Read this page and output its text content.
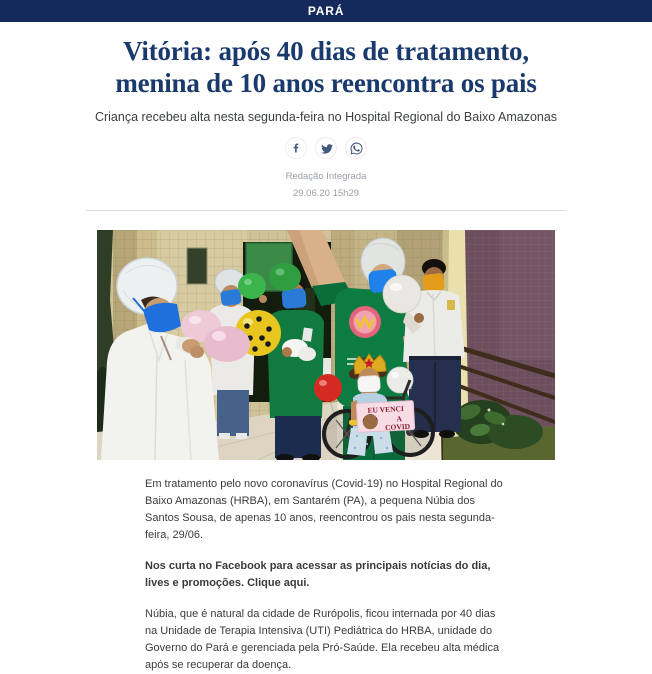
PARÁ
Vitória: após 40 dias de tratamento,
menina de 10 anos reencontra os pais

Criança recebeu alta nesta segunda-feira no Hospital Regional do Baixo Amazonas

Redação Integrada
29.06.20 15h29
EU VENCI
A
COVID

Em tratamento pelo novo coronavírus (Covid-19) no Hospital Regional do Baixo Amazonas (HRBA), em Santarém (PA), a pequena Núbia dos Santos Sousa, de apenas 10 anos, reencontrou os pais nesta segunda-feira, 29/06.

Nos curta no Facebook para acessar as principais notícias do dia, lives e promoções. Clique aqui.

Núbia, que é natural da cidade de Rurópolis, ficou internada por 40 dias na Unidade de Terapia Intensiva (UTI) Pediátrica do HRBA, unidade do Governo do Pará e gerenciada pela Pró-Saúde. Ela recebeu alta médica após se recuperar da doença.
